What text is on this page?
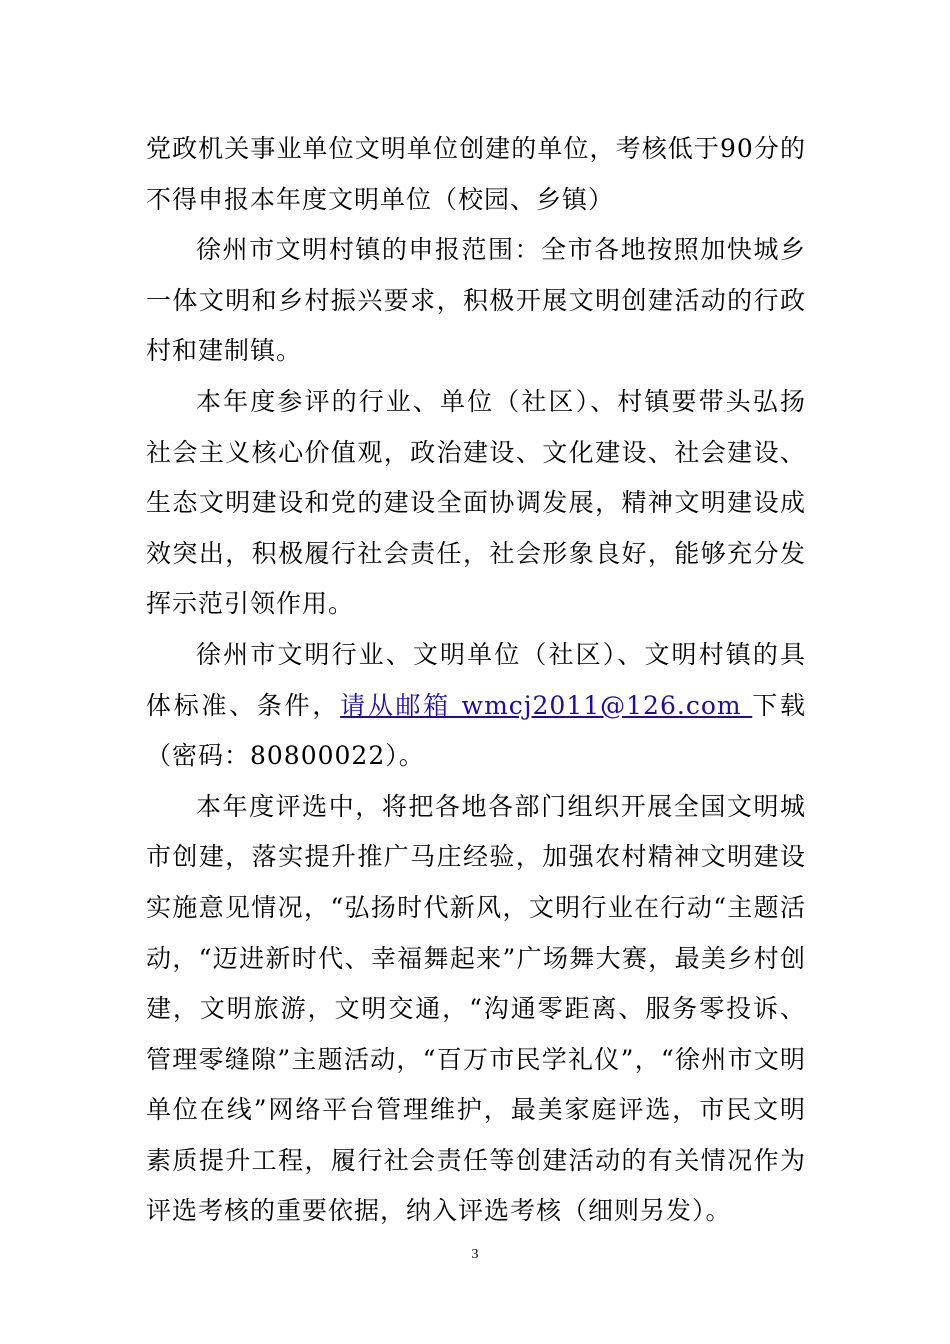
党政机关事业单位文明单位创建的单位，考核低于90分的不得申报本年度文明单位（校园、乡镇）

徐州市文明村镇的申报范围：全市各地按照加快城乡一体文明和乡村振兴要求，积极开展文明创建活动的行政村和建制镇。

本年度参评的行业、单位（社区）、村镇要带头弘扬社会主义核心价值观，政治建设、文化建设、社会建设、生态文明建设和党的建设全面协调发展，精神文明建设成效突出，积极履行社会责任，社会形象良好，能够充分发挥示范引领作用。

徐州市文明行业、文明单位（社区）、文明村镇的具体标准、条件，请从邮箱 wmcj2011@126.com 下载（密码：80800022）。

本年度评选中，将把各地各部门组织开展全国文明城市创建，落实提升推广马庄经验，加强农村精神文明建设实施意见情况，“弘扬时代新风，文明行业在行动“主题活动，“迈进新时代、幸福舞起来”广场舞大赛，最美乡村创建，文明旅游，文明交通，“沟通零距离、服务零投诉、管理零缝隙”主题活动，“百万市民学礼仪”，“徐州市文明单位在线”网络平台管理维护，最美家庭评选，市民文明素质提升工程，履行社会责任等创建活动的有关情况作为评选考核的重要依据，纳入评选考核（细则另发）。

3
